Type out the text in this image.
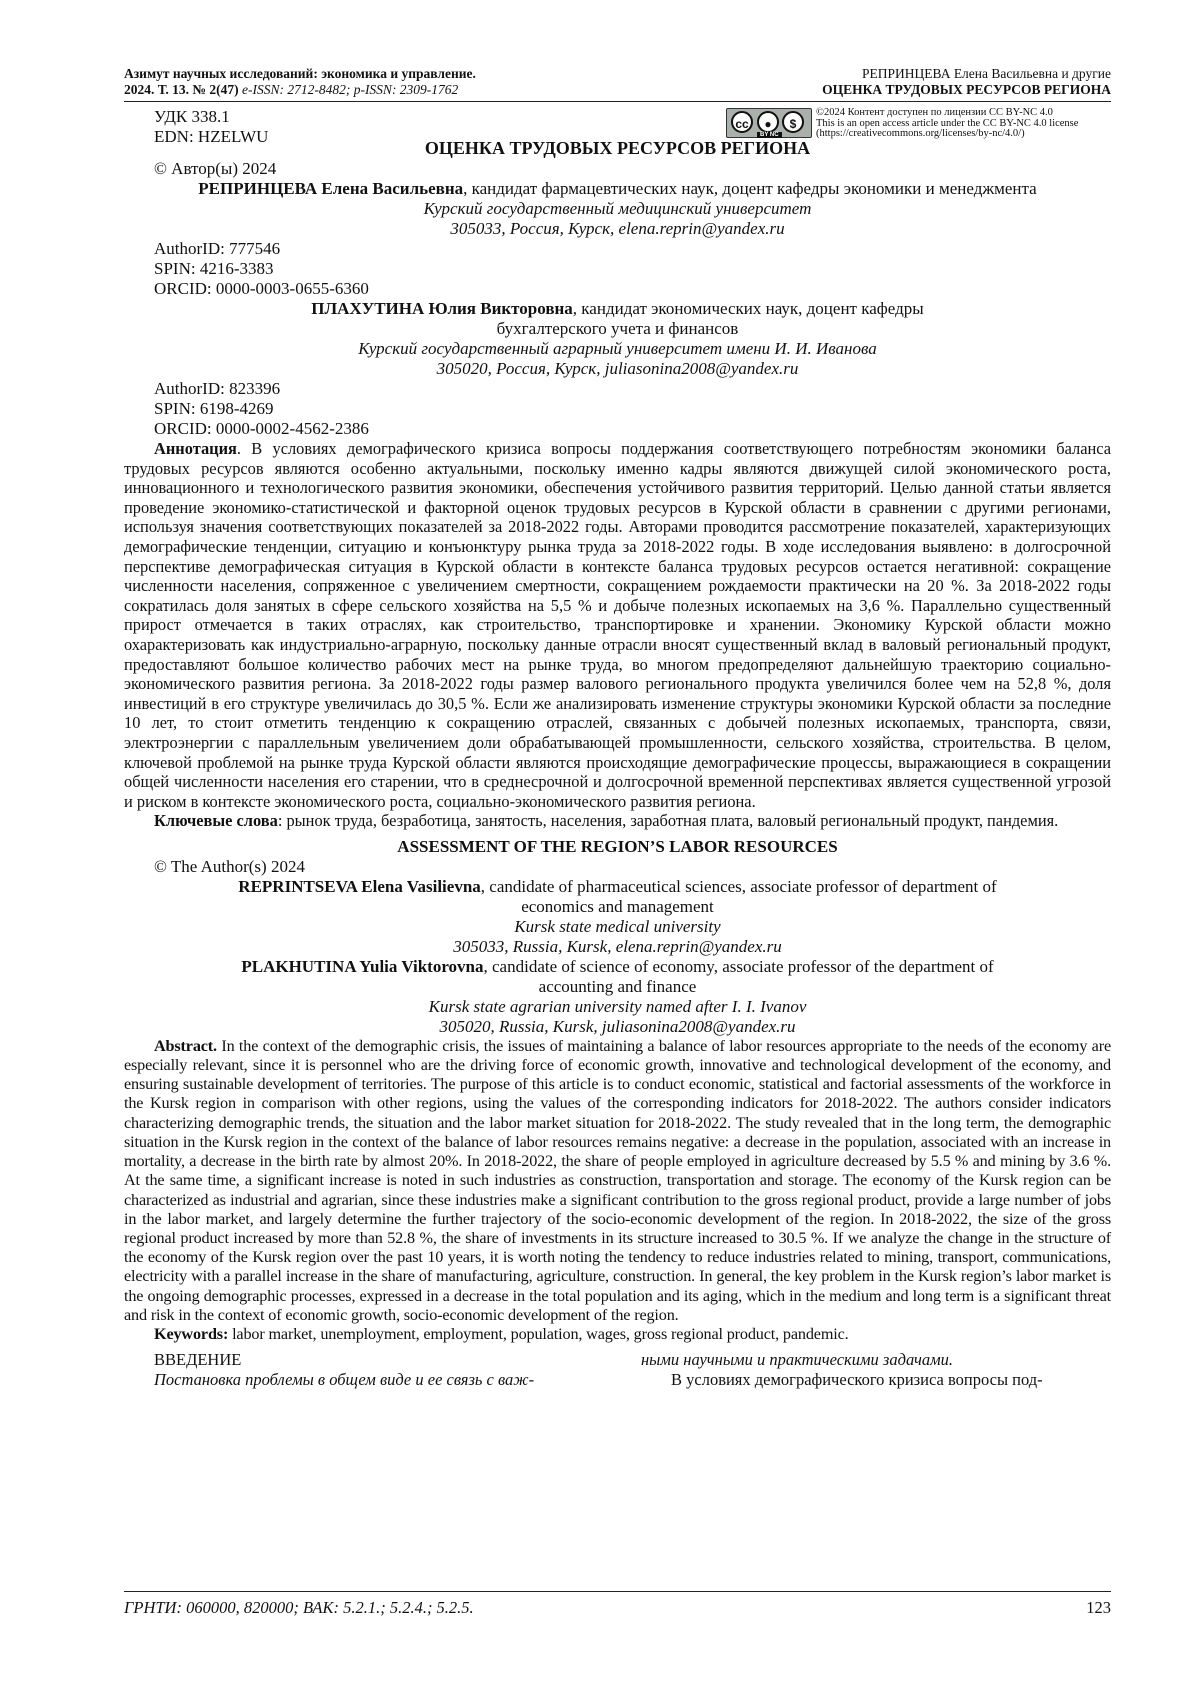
Азимут научных исследований: экономика и управление.
2024. Т. 13. № 2(47) e-ISSN: 2712-8482; p-ISSN: 2309-1762
РЕПРИНЦЕВА Елена Васильевна и другие
ОЦЕНКА ТРУДОВЫХ РЕСУРСОВ РЕГИОНА
УДК 338.1
EDN: HZELWU
cc	●	$
BY NC
©2024 Контент доступен по лицензии CC BY-NC 4.0
This is an open access article under the CC BY-NC 4.0 license
(https://creativecommons.org/licenses/by-nc/4.0/)
ОЦЕНКА ТРУДОВЫХ РЕСУРСОВ РЕГИОНА
© Автор(ы) 2024
РЕПРИНЦЕВА Елена Васильевна, кандидат фармацевтических наук, доцент кафедры экономики и менеджмента
Курский государственный медицинский университет
305033, Россия, Курск, elena.reprin@yandex.ru
AuthorID: 777546
SPIN: 4216-3383
ORCID: 0000-0003-0655-6360
ПЛАХУТИНА Юлия Викторовна, кандидат экономических наук, доцент кафедры
бухгалтерского учета и финансов
Курский государственный аграрный университет имени И. И. Иванова
305020, Россия, Курск, juliasonina2008@yandex.ru
AuthorID: 823396
SPIN: 6198-4269
ORCID: 0000-0002-4562-2386
Аннотация. В условиях демографического кризиса вопросы поддержания соответствующего потребностям экономики баланса трудовых ресурсов являются особенно актуальными, поскольку именно кадры являются движущей силой экономического роста, инновационного и технологического развития экономики, обеспечения устойчивого развития территорий. Целью данной статьи является проведение экономико-статистической и факторной оценок трудовых ресурсов в Курской области в сравнении с другими регионами, используя значения соответствующих показателей за 2018-2022 годы. Авторами проводится рассмотрение показателей, характеризующих демографические тенденции, ситуацию и конъюнктуру рынка труда за 2018-2022 годы. В ходе исследования выявлено: в долгосрочной перспективе демографическая ситуация в Курской области в контексте баланса трудовых ресурсов остается негативной: сокращение численности населения, сопряженное с увеличением смертности, сокращением рождаемости практически на 20 %. За 2018-2022 годы сократилась доля занятых в сфере сельского хозяйства на 5,5 % и добыче полезных ископаемых на 3,6 %. Параллельно существенный прирост отмечается в таких отраслях, как строительство, транспортировке и хранении. Экономику Курской области можно охарактеризовать как индустриально-аграрную, поскольку данные отрасли вносят существенный вклад в валовый региональный продукт, предоставляют большое количество рабочих мест на рынке труда, во многом предопределяют дальнейшую траекторию социально-экономического развития региона. За 2018-2022 годы размер валового регионального продукта увеличился более чем на 52,8 %, доля инвестиций в его структуре увеличилась до 30,5 %. Если же анализировать изменение структуры экономики Курской области за последние 10 лет, то стоит отметить тенденцию к сокращению отраслей, связанных с добычей полезных ископаемых, транспорта, связи, электроэнергии с параллельным увеличением доли обрабатывающей промышленности, сельского хозяйства, строительства. В целом, ключевой проблемой на рынке труда Курской области являются происходящие демографические процессы, выражающиеся в сокращении общей численности населения его старении, что в среднесрочной и долгосрочной временной перспективах является существенной угрозой и риском в контексте экономического роста, социально-экономического развития региона.
Ключевые слова: рынок труда, безработица, занятость, населения, заработная плата, валовый региональный продукт, пандемия.
ASSESSMENT OF THE REGION’S LABOR RESOURCES
© The Author(s) 2024
REPRINTSEVA Elena Vasilievna, candidate of pharmaceutical sciences, associate professor of department of
economics and management
Kursk state medical university
305033, Russia, Kursk, elena.reprin@yandex.ru
PLAKHUTINA Yulia Viktorovna, candidate of science of economy, associate professor of the department of
accounting and finance
Kursk state agrarian university named after I. I. Ivanov
305020, Russia, Kursk, juliasonina2008@yandex.ru
Abstract. In the context of the demographic crisis, the issues of maintaining a balance of labor resources appropriate to the needs of the economy are especially relevant, since it is personnel who are the driving force of economic growth, innovative and technological development of the economy, and ensuring sustainable development of territories. The purpose of this article is to conduct economic, statistical and factorial assessments of the workforce in the Kursk region in comparison with other regions, using the values of the corresponding indicators for 2018-2022. The authors consider indicators characterizing demographic trends, the situation and the labor market situation for 2018-2022. The study revealed that in the long term, the demographic situation in the Kursk region in the context of the balance of labor resources remains negative: a decrease in the population, associated with an increase in mortality, a decrease in the birth rate by almost 20%. In 2018-2022, the share of people employed in agriculture decreased by 5.5 % and mining by 3.6 %. At the same time, a significant increase is noted in such industries as construction, transportation and storage. The economy of the Kursk region can be characterized as industrial and agrarian, since these industries make a significant contribution to the gross regional product, provide a large number of jobs in the labor market, and largely determine the further trajectory of the socio-economic development of the region. In 2018-2022, the size of the gross regional product increased by more than 52.8 %, the share of investments in its structure increased to 30.5 %. If we analyze the change in the structure of the economy of the Kursk region over the past 10 years, it is worth noting the tendency to reduce industries related to mining, transport, communications, electricity with a parallel increase in the share of manufacturing, agriculture, construction. In general, the key problem in the Kursk region’s labor market is the ongoing demographic processes, expressed in a decrease in the total population and its aging, which in the medium and long term is a significant threat and risk in the context of economic growth, socio-economic development of the region.
Keywords: labor market, unemployment, employment, population, wages, gross regional product, pandemic.
ВВЕДЕНИЕ
Постановка проблемы в общем виде и ее связь с важ-
ными научными и практическими задачами.
В условиях демографического кризиса вопросы под-
ГРНТИ: 060000, 820000; ВАК: 5.2.1.; 5.2.4.; 5.2.5.	123
